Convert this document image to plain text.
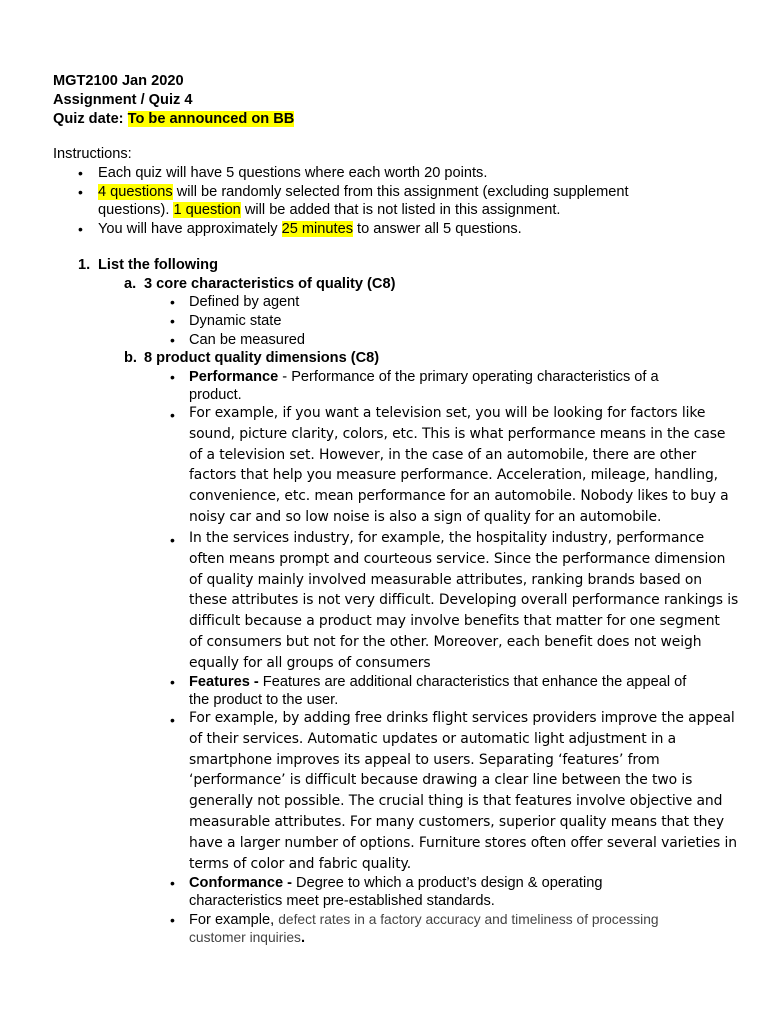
MGT2100 Jan 2020
Assignment / Quiz 4
Quiz date: To be announced on BB
Instructions:
• Each quiz will have 5 questions where each worth 20 points.
• 4 questions will be randomly selected from this assignment (excluding supplement
questions). 1 question will be added that is not listed in this assignment.
• You will have approximately 25 minutes to answer all 5 questions.
1. List the following
a. 3 core characteristics of quality (C8)
• Defined by agent
• Dynamic state
• Can be measured
b. 8 product quality dimensions (C8)
• Performance - Performance of the primary operating characteristics of a
product.
• For example, if you want a television set, you will be looking for factors like
sound, picture clarity, colors, etc. This is what performance means in the case
of a television set. However, in the case of an automobile, there are other
factors that help you measure performance. Acceleration, mileage, handling,
convenience, etc. mean performance for an automobile. Nobody likes to buy a
noisy car and so low noise is also a sign of quality for an automobile.
• In the services industry, for example, the hospitality industry, performance
often means prompt and courteous service. Since the performance dimension
of quality mainly involved measurable attributes, ranking brands based on
these attributes is not very difficult. Developing overall performance rankings is
difficult because a product may involve benefits that matter for one segment
of consumers but not for the other. Moreover, each benefit does not weigh
equally for all groups of consumers
• Features - Features are additional characteristics that enhance the appeal of
the product to the user.
• For example, by adding free drinks flight services providers improve the appeal
of their services. Automatic updates or automatic light adjustment in a
smartphone improves its appeal to users. Separating ‘features’ from
‘performance’ is difficult because drawing a clear line between the two is
generally not possible. The crucial thing is that features involve objective and
measurable attributes. For many customers, superior quality means that they
have a larger number of options. Furniture stores often offer several varieties in
terms of color and fabric quality.
• Conformance - Degree to which a product’s design & operating
characteristics meet pre-established standards.
• For example, defect rates in a factory accuracy and timeliness of processing
customer inquiries.
